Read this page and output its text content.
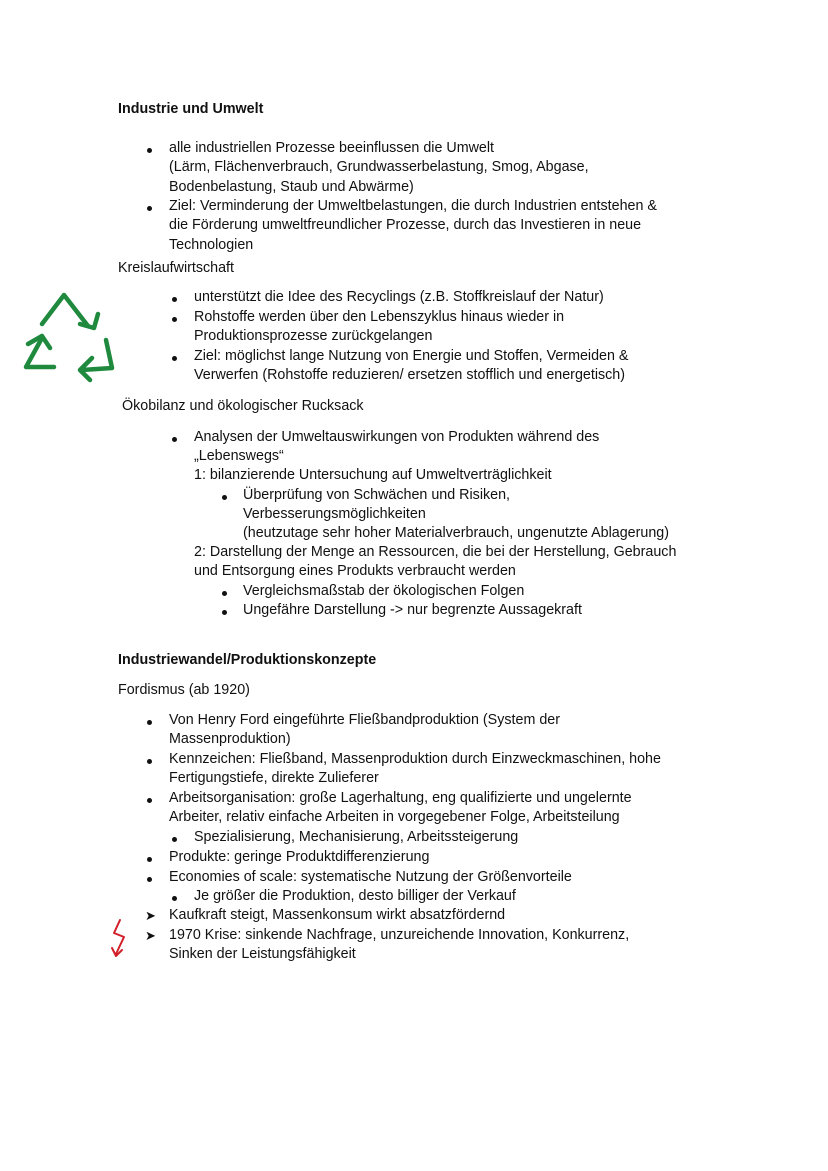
Industrie und Umwelt
alle industriellen Prozesse beeinflussen die Umwelt
(Lärm, Flächenverbrauch, Grundwasserbelastung, Smog, Abgase,
Bodenbelastung, Staub und Abwärme)
Ziel: Verminderung der Umweltbelastungen, die durch Industrien entstehen &
die Förderung umweltfreundlicher Prozesse, durch das Investieren in neue
Technologien
Kreislaufwirtschaft
unterstützt die Idee des Recyclings (z.B. Stoffkreislauf der Natur)
Rohstoffe werden über den Lebenszyklus hinaus wieder in
Produktionsprozesse zurückgelangen
Ziel: möglichst lange Nutzung von Energie und Stoffen, Vermeiden &
Verwerfen (Rohstoffe reduzieren/ ersetzen stofflich und energetisch)
Ökobilanz und ökologischer Rucksack
Analysen der Umweltauswirkungen von Produkten während des
„Lebenswegs“
1: bilanzierende Untersuchung auf Umweltverträglichkeit
Überprüfung von Schwächen und Risiken,
Verbesserungsmöglichkeiten
(heutzutage sehr hoher Materialverbrauch, ungenutzte Ablagerung)
2: Darstellung der Menge an Ressourcen, die bei der Herstellung, Gebrauch
und Entsorgung eines Produkts verbraucht werden
Vergleichsmaßstab der ökologischen Folgen
Ungefähre Darstellung -> nur begrenzte Aussagekraft
Industriewandel/Produktionskonzepte
Fordismus (ab 1920)
Von Henry Ford eingeführte Fließbandproduktion (System der
Massenproduktion)
Kennzeichen: Fließband, Massenproduktion durch Einzweckmaschinen, hohe
Fertigungstiefe, direkte Zulieferer
Arbeitsorganisation: große Lagerhaltung, eng qualifizierte und ungelernte
Arbeiter, relativ einfache Arbeiten in vorgegebener Folge, Arbeitsteilung
Spezialisierung, Mechanisierung, Arbeitssteigerung
Produkte: geringe Produktdifferenzierung
Economies of scale: systematische Nutzung der Größenvorteile
Je größer die Produktion, desto billiger der Verkauf
➤ Kaufkraft steigt, Massenkonsum wirkt absatzfördernd
➤ 1970 Krise: sinkende Nachfrage, unzureichende Innovation, Konkurrenz,
Sinken der Leistungsfähigkeit
